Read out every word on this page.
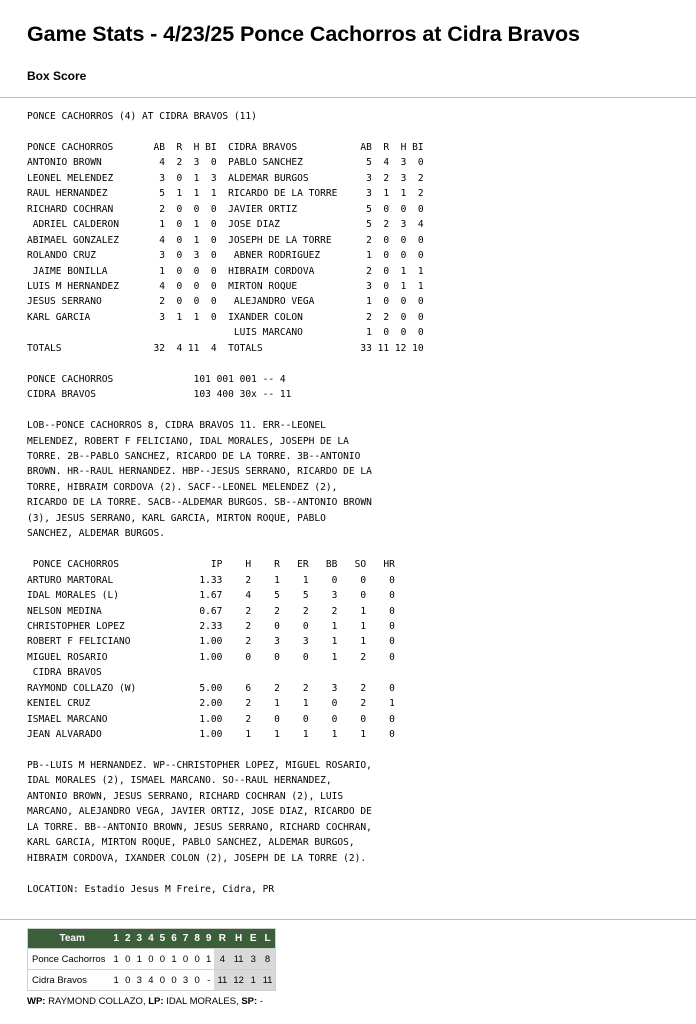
Game Stats - 4/23/25 Ponce Cachorros at Cidra Bravos
Box Score
PONCE CACHORROS (4) AT CIDRA BRAVOS (11)

PONCE CACHORROS       AB  R  H BI  CIDRA BRAVOS           AB  R  H BI
ANTONIO BROWN          4  2  3  0  PABLO SANCHEZ           5  4  3  0
LEONEL MELENDEZ        3  0  1  3  ALDEMAR BURGOS          3  2  3  2
RAUL HERNANDEZ         5  1  1  1  RICARDO DE LA TORRE     3  1  1  2
RICHARD COCHRAN        2  0  0  0  JAVIER ORTIZ            5  0  0  0
ADRIEL CALDERON       1  0  1  0  JOSE DIAZ               5  2  3  4
ABIMAEL GONZALEZ       4  0  1  0  JOSEPH DE LA TORRE      2  0  0  0
ROLANDO CRUZ           3  0  3  0   ABNER RODRIGUEZ        1  0  0  0
JAIME BONILLA         1  0  0  0  HIBRAIM CORDOVA         2  0  1  1
LUIS M HERNANDEZ       4  0  0  0  MIRTON ROQUE            3  0  1  1
JESUS SERRANO          2  0  0  0   ALEJANDRO VEGA         1  0  0  0
KARL GARCIA            3  1  1  0  IXANDER COLON           2  2  0  0
LUIS MARCANO           1  0  0  0
TOTALS                32  4 11  4  TOTALS                 33 11 12 10

PONCE CACHORROS              101 001 001 -- 4
CIDRA BRAVOS                 103 400 30x -- 11

LOB--PONCE CACHORROS 8, CIDRA BRAVOS 11. ERR--LEONEL
MELENDEZ, ROBERT F FELICIANO, IDAL MORALES, JOSEPH DE LA
TORRE. 2B--PABLO SANCHEZ, RICARDO DE LA TORRE. 3B--ANTONIO
BROWN. HR--RAUL HERNANDEZ. HBP--JESUS SERRANO, RICARDO DE LA
TORRE, HIBRAIM CORDOVA (2). SACF--LEONEL MELENDEZ (2),
RICARDO DE LA TORRE. SACB--ALDEMAR BURGOS. SB--ANTONIO BROWN
(3), JESUS SERRANO, KARL GARCIA, MIRTON ROQUE, PABLO
SANCHEZ, ALDEMAR BURGOS.

PONCE CACHORROS                IP    H    R   ER   BB   SO   HR
ARTURO MARTORAL               1.33    2    1    1    0    0    0
IDAL MORALES (L)              1.67    4    5    5    3    0    0
NELSON MEDINA                 0.67    2    2    2    2    1    0
CHRISTOPHER LOPEZ             2.33    2    0    0    1    1    0
ROBERT F FELICIANO            1.00    2    3    3    1    1    0
MIGUEL ROSARIO                1.00    0    0    0    1    2    0
CIDRA BRAVOS
RAYMOND COLLAZO (W)           5.00    6    2    2    3    2    0
KENIEL CRUZ                   2.00    2    1    1    0    2    1
ISMAEL MARCANO                1.00    2    0    0    0    0    0
JEAN ALVARADO                 1.00    1    1    1    1    1    0

PB--LUIS M HERNANDEZ. WP--CHRISTOPHER LOPEZ, MIGUEL ROSARIO,
IDAL MORALES (2), ISMAEL MARCANO. SO--RAUL HERNANDEZ,
ANTONIO BROWN, JESUS SERRANO, RICHARD COCHRAN (2), LUIS
MARCANO, ALEJANDRO VEGA, JAVIER ORTIZ, JOSE DIAZ, RICARDO DE
LA TORRE. BB--ANTONIO BROWN, JESUS SERRANO, RICHARD COCHRAN,
KARL GARCIA, MIRTON ROQUE, PABLO SANCHEZ, ALDEMAR BURGOS,
HIBRAIM CORDOVA, IXANDER COLON (2), JOSEPH DE LA TORRE (2).

LOCATION: Estadio Jesus M Freire, Cidra, PR

Team	1	2	3	4	5	6	7	8	9	R	H	E	L
Ponce Cachorros	1	0	1	0	0	1	0	0	1	4	11	3	8
Cidra Bravos	1	0	3	4	0	0	3	0	-	11	12	1	11
WP: RAYMOND COLLAZO, LP: IDAL MORALES, SP: -
